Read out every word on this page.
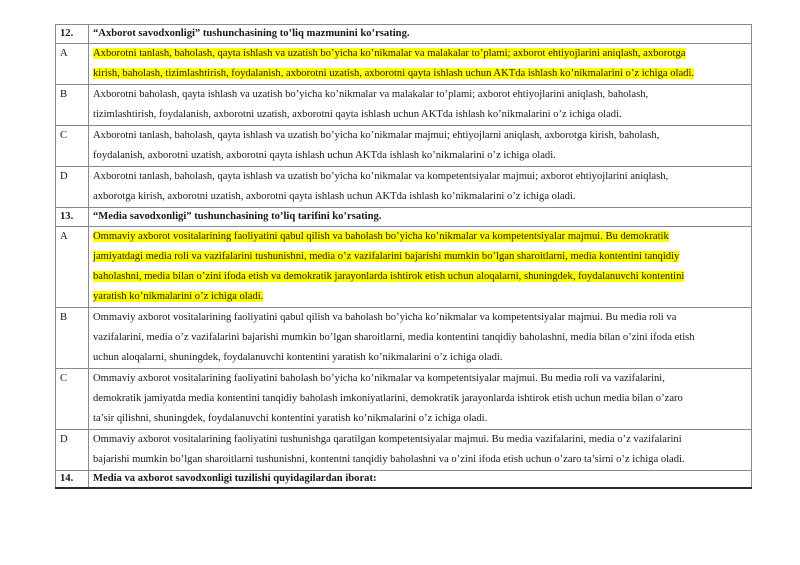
12.	“Axborot savodxonligi” tushunchasining to’liq mazmunini ko’rsating.
A	Axborotni tanlash, baholash, qayta ishlash va uzatish bo’yicha ko’nikmalar va malakalar to’plami; axborot ehtiyojlarini aniqlash, axborotga
kirish, baholash, tizimlashtirish, foydalanish, axborotni uzatish, axborotni qayta ishlash uchun AKTda ishlash ko’nikmalarini o’z ichiga oladi.

B	Axborotni baholash, qayta ishlash va uzatish bo’yicha ko’nikmalar va malakalar to’plami; axborot ehtiyojlarini aniqlash, baholash,
tizimlashtirish, foydalanish, axborotni uzatish, axborotni qayta ishlash uchun AKTda ishlash ko’nikmalarini o’z ichiga oladi.

C	Axborotni tanlash, baholash, qayta ishlash va uzatish bo’yicha ko’nikmalar majmui; ehtiyojlarni aniqlash, axborotga kirish, baholash,
foydalanish, axborotni uzatish, axborotni qayta ishlash uchun AKTda ishlash ko’nikmalarini o’z ichiga oladi.

D	Axborotni tanlash, baholash, qayta ishlash va uzatish bo’yicha ko’nikmalar va kompetentsiyalar majmui; axborot ehtiyojlarini aniqlash,
axborotga kirish, axborotni uzatish, axborotni qayta ishlash uchun AKTda ishlash ko’nikmalarini o’z ichiga oladi.

13.	“Media savodxonligi” tushunchasining to’liq tarifini ko’rsating.
A	Ommaviy axborot vositalarining faoliyatini qabul qilish va baholash bo’yicha ko’nikmalar va kompetentsiyalar majmui. Bu demokratik
jamiyatdagi media roli va vazifalarini tushunishni, media o’z vazifalarini bajarishi mumkin bo’lgan sharoitlarni, media kontentini tanqidiy
baholashni, media bilan o’zini ifoda etish va demokratik jarayonlarda ishtirok etish uchun aloqalarni, shuningdek, foydalanuvchi kontentini
yaratish ko’nikmalarini o’z ichiga oladi.

B	Ommaviy axborot vositalarining faoliyatini qabul qilish va baholash bo’yicha ko’nikmalar va kompetentsiyalar majmui. Bu media roli va
vazifalarini, media o’z vazifalarini bajarishi mumkin bo’lgan sharoitlarni, media kontentini tanqidiy baholashni, media bilan o’zini ifoda etish
uchun aloqalarni, shuningdek, foydalanuvchi kontentini yaratish ko’nikmalarini o’z ichiga oladi.

C	Ommaviy axborot vositalarining faoliyatini baholash bo’yicha ko’nikmalar va kompetentsiyalar majmui. Bu media roli va vazifalarini,
demokratik jamiyatda media kontentini tanqidiy baholash imkoniyatlarini, demokratik jarayonlarda ishtirok etish uchun media bilan o’zaro
ta’sir qilishni, shuningdek, foydalanuvchi kontentini yaratish ko’nikmalarini o’z ichiga oladi.

D	Ommaviy axborot vositalarining faoliyatini tushunishga qaratilgan kompetentsiyalar majmui. Bu media vazifalarini, media o’z vazifalarini
bajarishi mumkin bo’lgan sharoitlarni tushunishni, kontentni tanqidiy baholashni va o’zini ifoda etish uchun o’zaro ta’sirni o’z ichiga oladi.

14.	Media va axborot savodxonligi tuzilishi quyidagilardan iborat:
